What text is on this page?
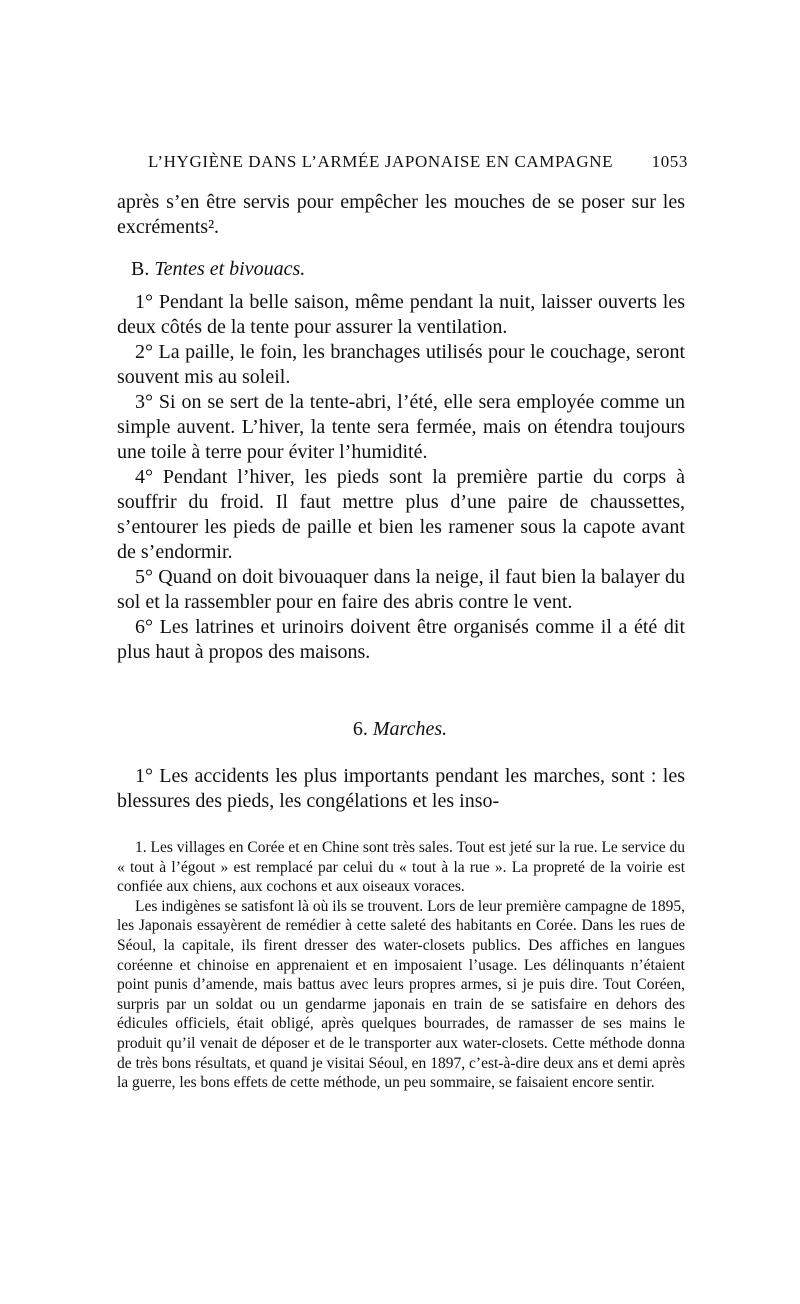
L’HYGIÈNE DANS L’ARMÉE JAPONAISE EN CAMPAGNE 1053

après s’en être servis pour empêcher les mouches de se poser sur les excréments².

B. Tentes et bivouacs.

1° Pendant la belle saison, même pendant la nuit, laisser ouverts les deux côtés de la tente pour assurer la ventilation.

2° La paille, le foin, les branchages utilisés pour le couchage, seront souvent mis au soleil.

3° Si on se sert de la tente-abri, l’été, elle sera employée comme un simple auvent. L’hiver, la tente sera fermée, mais on étendra toujours une toile à terre pour éviter l’humidité.

4° Pendant l’hiver, les pieds sont la première partie du corps à souffrir du froid. Il faut mettre plus d’une paire de chaussettes, s’entourer les pieds de paille et bien les ramener sous la capote avant de s’endormir.

5° Quand on doit bivouaquer dans la neige, il faut bien la balayer du sol et la rassembler pour en faire des abris contre le vent.

6° Les latrines et urinoirs doivent être organisés comme il a été dit plus haut à propos des maisons.

6. Marches.

1° Les accidents les plus importants pendant les marches, sont : les blessures des pieds, les congélations et les inso-

1. Les villages en Corée et en Chine sont très sales. Tout est jeté sur la rue. Le service du « tout à l’égout » est remplacé par celui du « tout à la rue ». La propreté de la voirie est confiée aux chiens, aux cochons et aux oiseaux voraces.

Les indigènes se satisfont là où ils se trouvent. Lors de leur première campagne de 1895, les Japonais essayèrent de remédier à cette saleté des habitants en Corée. Dans les rues de Séoul, la capitale, ils firent dresser des water-closets publics. Des affiches en langues coréenne et chinoise en apprenaient et en imposaient l’usage. Les délinquants n’étaient point punis d’amende, mais battus avec leurs propres armes, si je puis dire. Tout Coréen, surpris par un soldat ou un gendarme japonais en train de se satisfaire en dehors des édicules officiels, était obligé, après quelques bourrades, de ramasser de ses mains le produit qu’il venait de déposer et de le transporter aux water-closets. Cette méthode donna de très bons résultats, et quand je visitai Séoul, en 1897, c’est-à-dire deux ans et demi après la guerre, les bons effets de cette méthode, un peu sommaire, se faisaient encore sentir.
